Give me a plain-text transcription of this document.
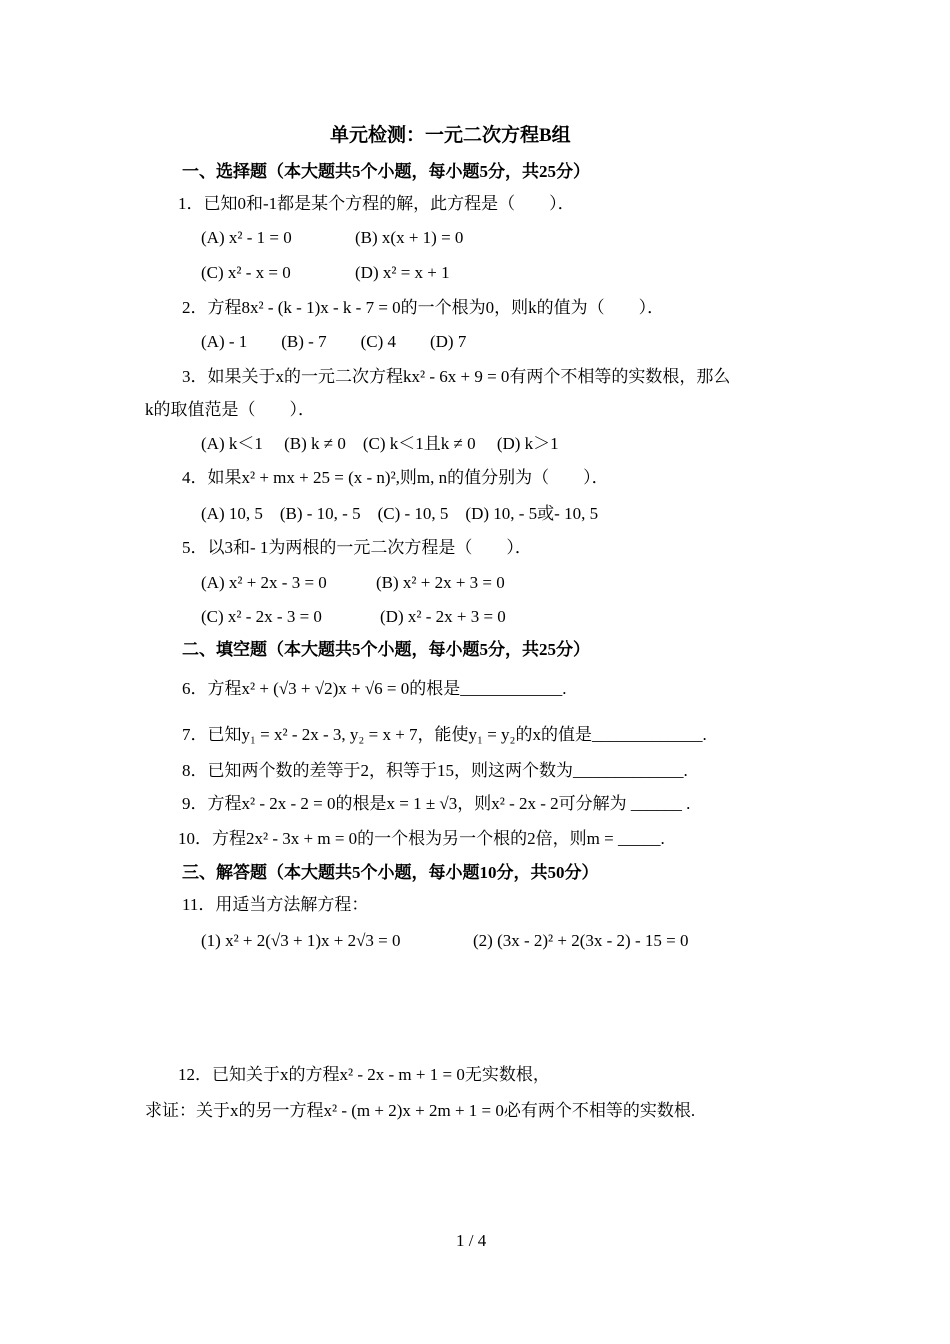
单元检测：一元二次方程B组
一、选择题（本大题共5个小题，每小题5分，共25分）
1．已知0和-1都是某个方程的解，此方程是（　　）．
(A) x² - 1 = 0	(B) x(x + 1) = 0
(C) x² - x = 0	(D) x² = x + 1
2．方程8x² - (k - 1)x - k - 7 = 0的一个根为0，则k的值为（　　）．
(A) - 1　　(B) - 7　　(C) 4　　(D) 7
3．如果关于x的一元二次方程kx² - 6x + 9 = 0有两个不相等的实数根，那么
k的取值范是（　　）．
(A) k＜1　 (B) k ≠ 0　(C) k＜1且k ≠ 0　 (D) k＞1
4．如果x² + mx + 25 = (x - n)²,则m, n的值分别为（　　）．
(A) 10, 5　(B) - 10, - 5　(C) - 10, 5　(D) 10, - 5或- 10, 5
5．以3和- 1为两根的一元二次方程是（　　）．
(A) x² + 2x - 3 = 0	(B) x² + 2x + 3 = 0
(C) x² - 2x - 3 = 0	(D) x² - 2x + 3 = 0
二、填空题（本大题共5个小题，每小题5分，共25分）
6．方程x² + (√3 + √2)x + √6 = 0的根是____________.
7．已知y₁ = x² - 2x - 3, y₂ = x + 7，能使y₁ = y₂的x的值是_____________.
8．已知两个数的差等于2，积等于15，则这两个数为_____________.
9．方程x² - 2x - 2 = 0的根是x = 1 ± √3，则x² - 2x - 2可分解为 ______ .
10．方程2x² - 3x + m = 0的一个根为另一个根的2倍，则m = _____.
三、解答题（本大题共5个小题，每小题10分，共50分）
11．用适当方法解方程：
(1) x² + 2(√3 + 1)x + 2√3 = 0	(2) (3x - 2)² + 2(3x - 2) - 15 = 0
12．已知关于x的方程x² - 2x - m + 1 = 0无实数根，
求证：关于x的另一方程x² - (m + 2)x + 2m + 1 = 0必有两个不相等的实数根.
1 / 4
